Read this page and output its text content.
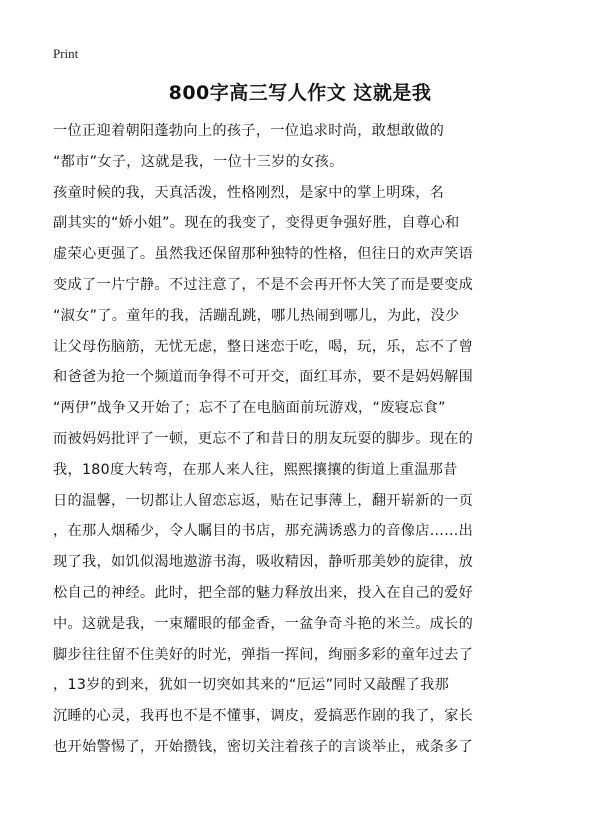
Print
800字高三写人作文 这就是我
一位正迎着朝阳蓬勃向上的孩子，一位追求时尚，敢想敢做的
“都市”女子，这就是我，一位十三岁的女孩。
孩童时候的我，天真活泼，性格刚烈，是家中的掌上明珠，名
副其实的“娇小姐”。现在的我变了，变得更争强好胜，自尊心和
虚荣心更强了。虽然我还保留那种独特的性格，但往日的欢声笑语
变成了一片宁静。不过注意了，不是不会再开怀大笑了而是要变成
“淑女”了。童年的我，活蹦乱跳，哪儿热闹到哪儿，为此，没少
让父母伤脑筋，无忧无虑，整日迷恋于吃，喝，玩，乐，忘不了曾
和爸爸为抢一个频道而争得不可开交，面红耳赤，要不是妈妈解围
“两伊”战争又开始了；忘不了在电脑面前玩游戏，“废寝忘食”
而被妈妈批评了一顿，更忘不了和昔日的朋友玩耍的脚步。现在的
我，180度大转弯，在那人来人往，熙熙攘攘的街道上重温那昔
日的温馨，一切都让人留恋忘返，贴在记事薄上，翻开崭新的一页
，在那人烟稀少，令人瞩目的书店，那充满诱惑力的音像店……出
现了我，如饥似渴地遨游书海，吸收精因，静听那美妙的旋律，放
松自己的神经。此时，把全部的魅力释放出来，投入在自己的爱好
中。这就是我，一束耀眼的郁金香，一盆争奇斗艳的米兰。成长的
脚步往往留不住美好的时光，弹指一挥间，绚丽多彩的童年过去了
，13岁的到来，犹如一切突如其来的“厄运”同时又敲醒了我那
沉睡的心灵，我再也不是不懂事，调皮，爱搞恶作剧的我了，家长
也开始警惕了，开始攒钱，密切关注着孩子的言谈举止，戒条多了
